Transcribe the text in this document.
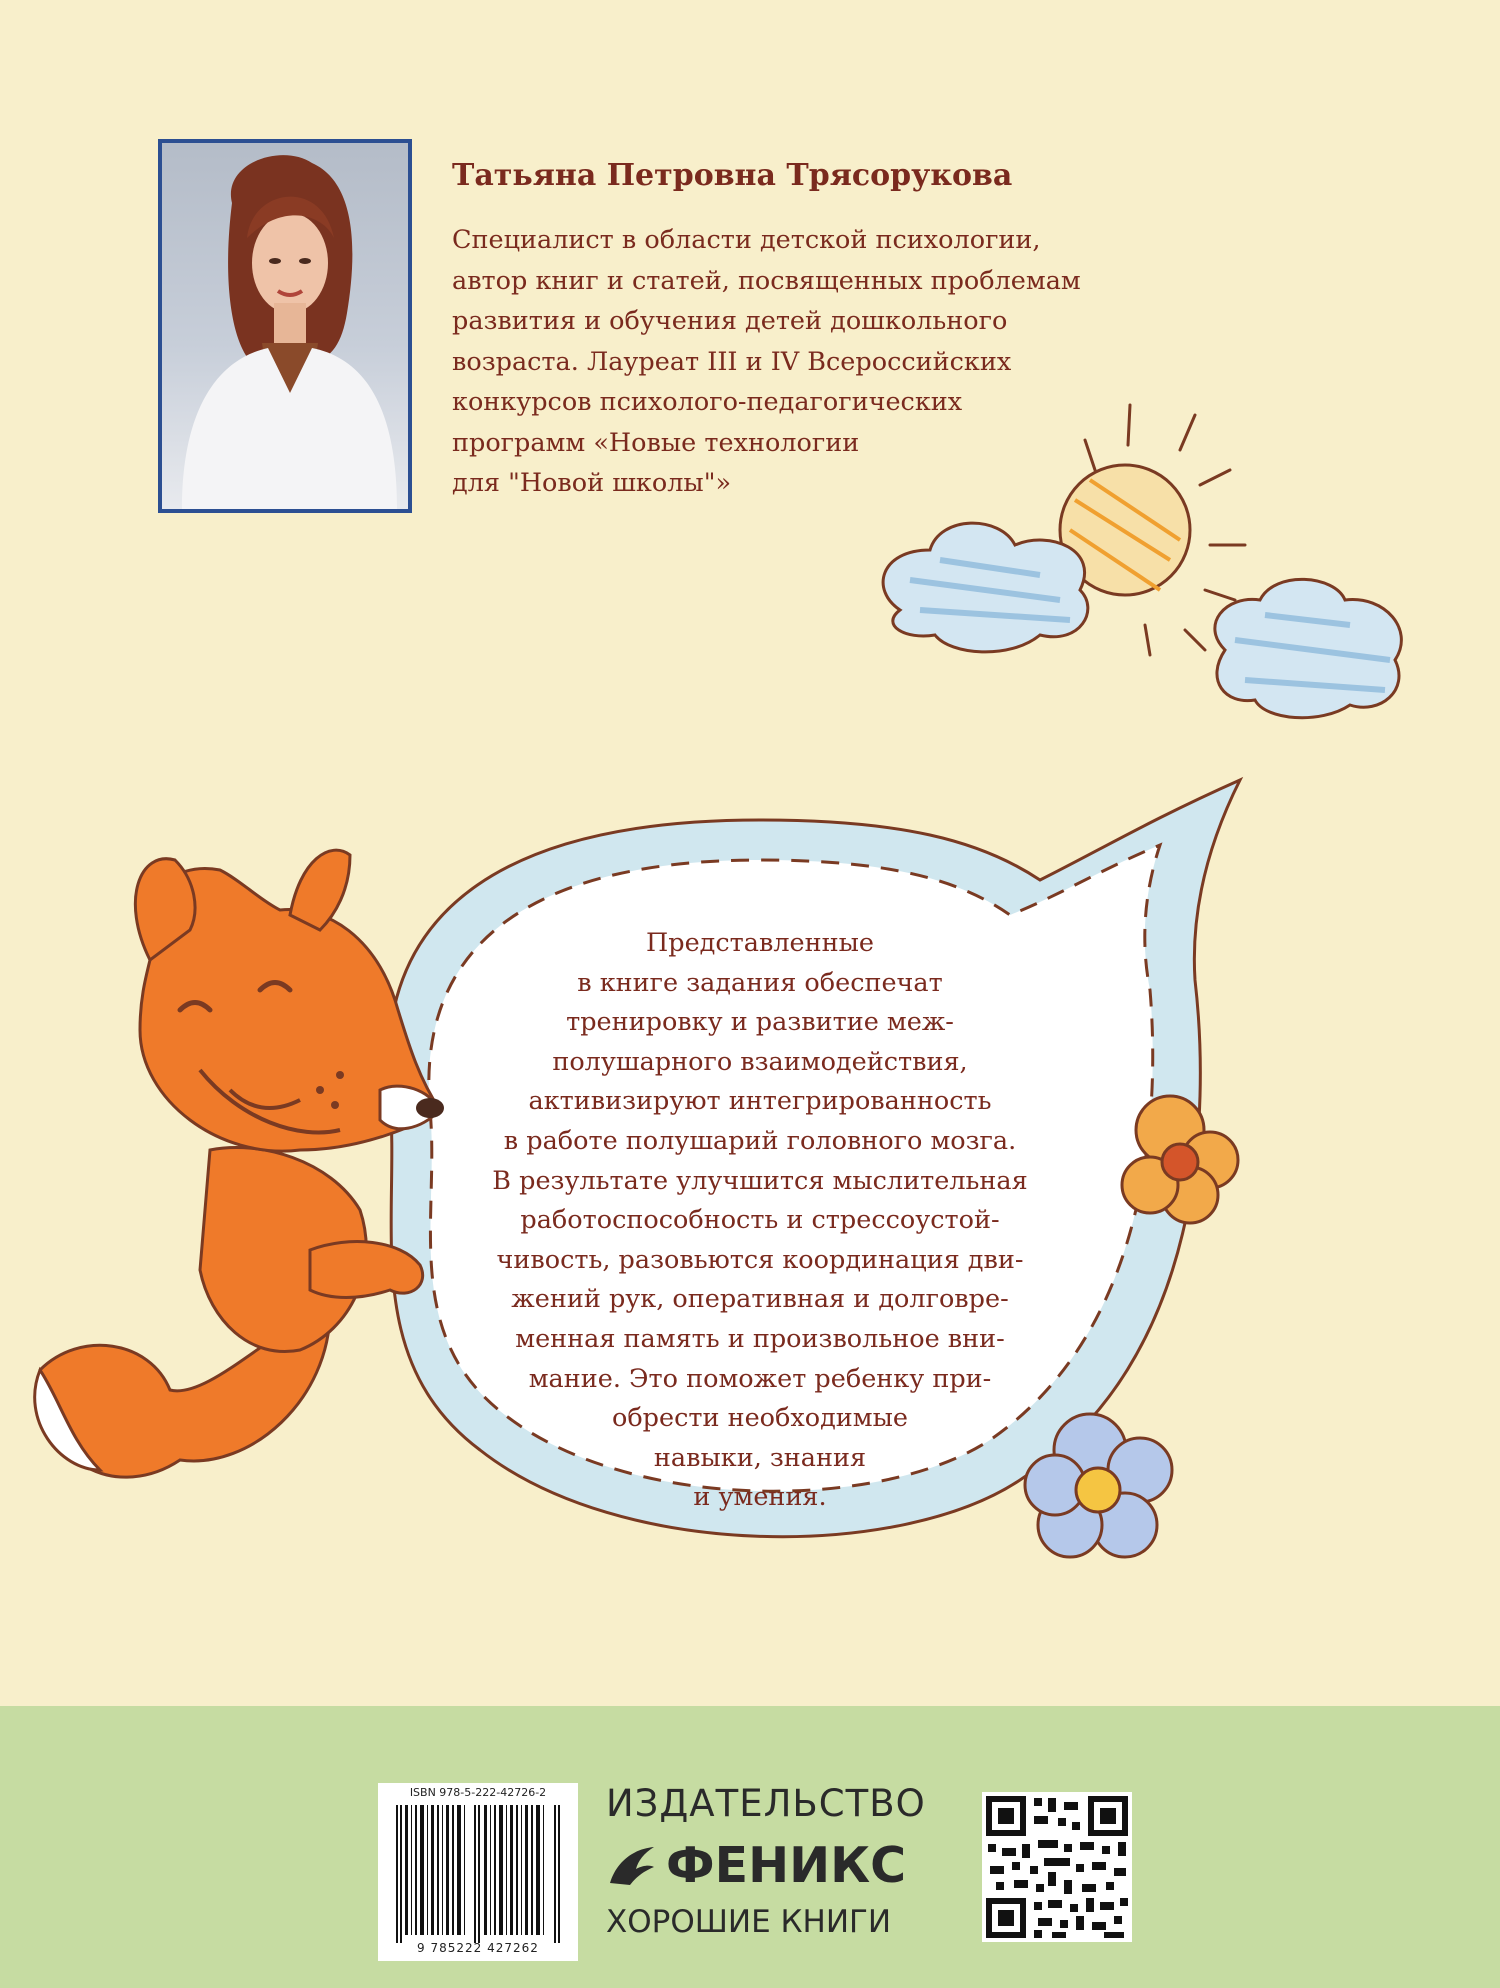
Татьяна Петровна Трясорукова
Специалист в области детской психологии,
автор книг и статей, посвященных проблемам
развития и обучения детей дошкольного
возраста. Лауреат III и IV Всероссийских
конкурсов психолого-педагогических
программ «Новые технологии
для "Новой школы"»
Представленные
в книге задания обеспечат
тренировку и развитие меж-
полушарного взаимодействия,
активизируют интегрированность
в работе полушарий головного мозга.
В результате улучшится мыслительная
работоспособность и стрессоустой-
чивость, разовьются координация дви-
жений рук, оперативная и долговре-
менная память и произвольное вни-
мание. Это поможет ребенку при-
обрести необходимые
навыки, знания
и умения.
ISBN 978-5-222-42726-2
9 785222 427262
ИЗДАТЕЛЬСТВО
ФЕНИКС
ХОРОШИЕ КНИГИ
